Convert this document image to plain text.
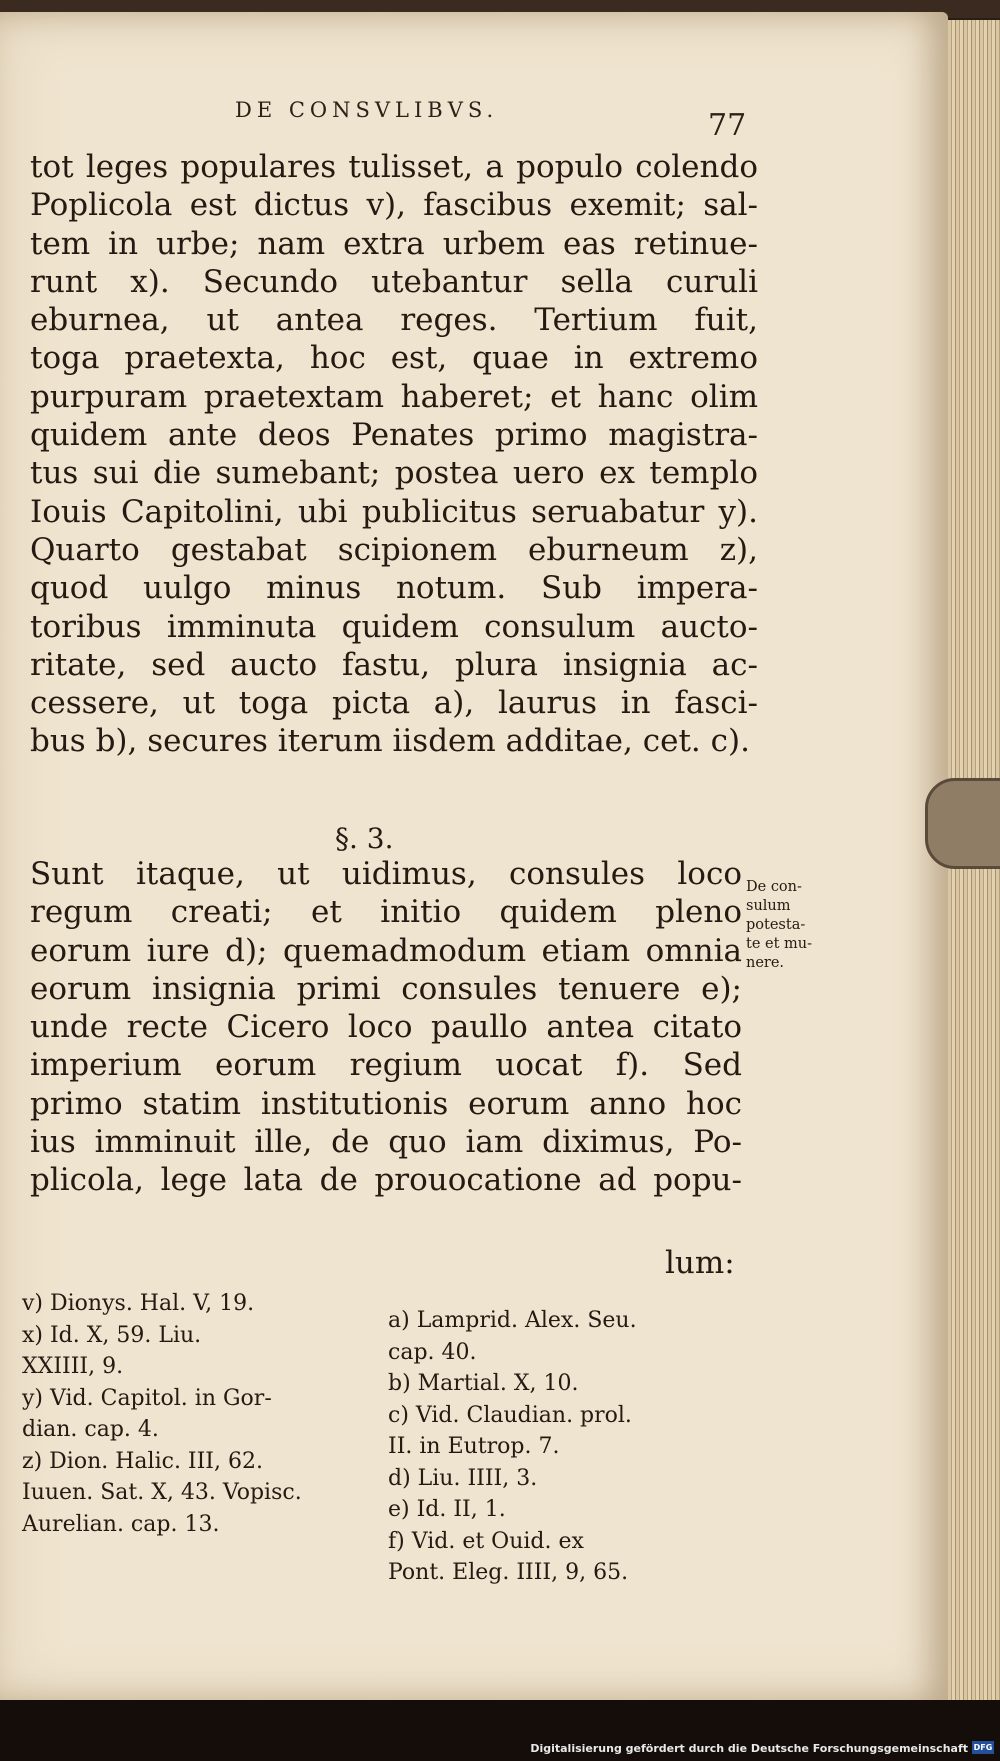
DE CONSVLIBVS.	77
tot leges populares tulisset, a populo colendo
Poplicola est dictus v), fascibus exemit; sal-
tem in urbe; nam extra urbem eas retinue-
runt x). Secundo utebantur sella curuli
eburnea, ut antea reges. Tertium fuit,
toga praetexta, hoc est, quae in extremo
purpuram praetextam haberet; et hanc olim
quidem ante deos Penates primo magistra-
tus sui die sumebant; postea uero ex templo
Iouis Capitolini, ubi publicitus seruabatur y).
Quarto gestabat scipionem eburneum z),
quod uulgo minus notum. Sub impera-
toribus imminuta quidem consulum aucto-
ritate, sed aucto fastu, plura insignia ac-
cessere, ut toga picta a), laurus in fasci-
bus b), secures iterum iisdem additae, cet. c).
§. 3.
Sunt itaque, ut uidimus, consules loco
regum creati; et initio quidem pleno
eorum iure d); quemadmodum etiam omnia
eorum insignia primi consules tenuere e);
unde recte Cicero loco paullo antea citato
imperium eorum regium uocat f). Sed
primo statim institutionis eorum anno hoc
ius imminuit ille, de quo iam diximus, Po-
plicola, lege lata de prouocatione ad popu-
lum:
De con-
sulum
potesta-
te et mu-
nere.
v) Dionys. Hal. V, 19.
x) Id. X, 59. Liu.
XXIIII, 9.
y) Vid. Capitol. in Gor-
dian. cap. 4.
z) Dion. Halic. III, 62.
Iuuen. Sat. X, 43. Vopisc.
Aurelian. cap. 13.
a) Lamprid. Alex. Seu.
cap. 40.
b) Martial. X, 10.
c) Vid. Claudian. prol.
II. in Eutrop. 7.
d) Liu. IIII, 3.
e) Id. II, 1.
f) Vid. et Ouid. ex
Pont. Eleg. IIII, 9, 65.
Digitalisierung gefördert durch die Deutsche Forschungsgemeinschaft DFG
